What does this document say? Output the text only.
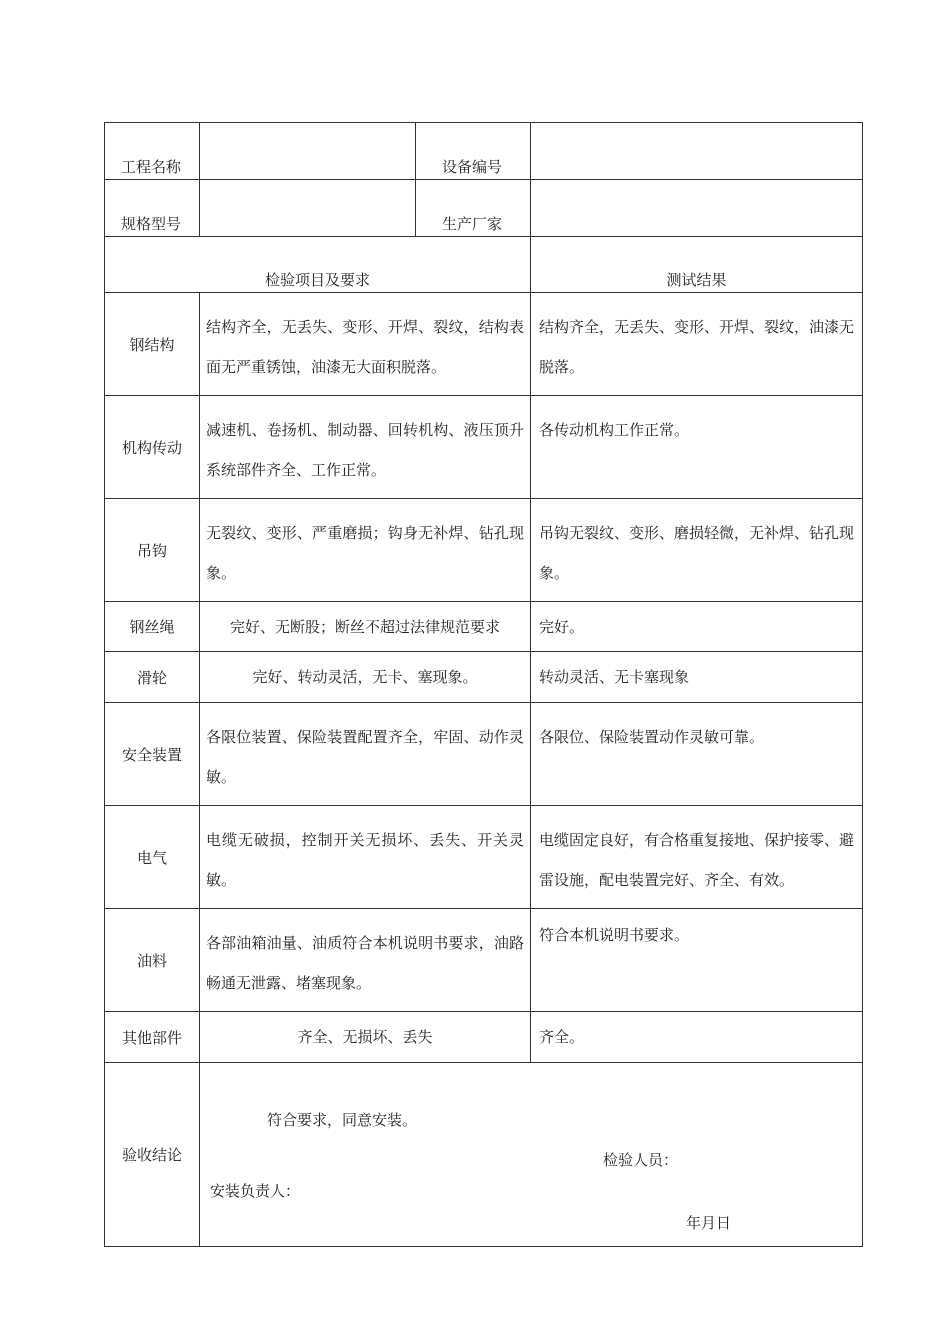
工程名称		设备编号	

规格型号		生产厂家	

检验项目及要求			测试结果

钢结构	结构齐全，无丢失、变形、开焊、裂纹，结构表面无严重锈蚀，油漆无大面积脱落。		结构齐全，无丢失、变形、开焊、裂纹，油漆无脱落。
机构传动	减速机、卷扬机、制动器、回转机构、液压顶升系统部件齐全、工作正常。		各传动机构工作正常。
吊钩	无裂纹、变形、严重磨损；钩身无补焊、钻孔现象。		吊钩无裂纹、变形、磨损轻微，无补焊、钻孔现象。
钢丝绳	完好、无断股；断丝不超过法律规范要求		完好。
滑轮	完好、转动灵活，无卡、塞现象。		转动灵活、无卡塞现象
安全装置	各限位装置、保险装置配置齐全，牢固、动作灵敏。		各限位、保险装置动作灵敏可靠。
电气	电缆无破损，控制开关无损坏、丢失、开关灵敏。		电缆固定良好，有合格重复接地、保护接零、避雷设施，配电装置完好、齐全、有效。
油料	各部油箱油量、油质符合本机说明书要求，油路畅通无泄露、堵塞现象。		符合本机说明书要求。
其他部件	齐全、无损坏、丢失		齐全。
验收结论	符合要求，同意安装。
检验人员：
安装负责人：
年月日		
